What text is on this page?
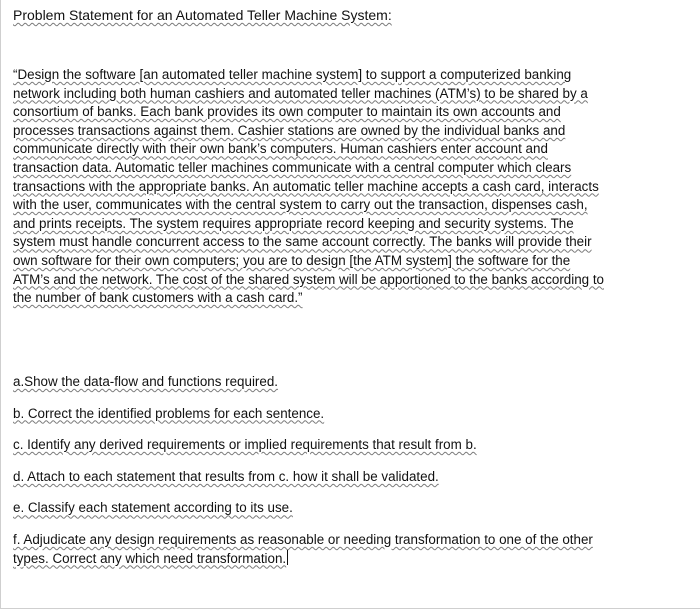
Problem Statement for an Automated Teller Machine System:
“Design the software [an automated teller machine system] to support a computerized banking
network including both human cashiers and automated teller machines (ATM’s) to be shared by a
consortium of banks. Each bank provides its own computer to maintain its own accounts and
processes transactions against them. Cashier stations are owned by the individual banks and
communicate directly with their own bank’s computers. Human cashiers enter account and
transaction data. Automatic teller machines communicate with a central computer which clears
transactions with the appropriate banks. An automatic teller machine accepts a cash card, interacts
with the user, communicates with the central system to carry out the transaction, dispenses cash,
and prints receipts. The system requires appropriate record keeping and security systems. The
system must handle concurrent access to the same account correctly. The banks will provide their
own software for their own computers; you are to design [the ATM system] the software for the
ATM’s and the network. The cost of the shared system will be apportioned to the banks according to
the number of bank customers with a cash card.”
a.Show the data-flow and functions required.
b. Correct the identified problems for each sentence.
c. Identify any derived requirements or implied requirements that result from b.
d. Attach to each statement that results from c. how it shall be validated.
e. Classify each statement according to its use.
f. Adjudicate any design requirements as reasonable or needing transformation to one of the other
types. Correct any which need transformation.
